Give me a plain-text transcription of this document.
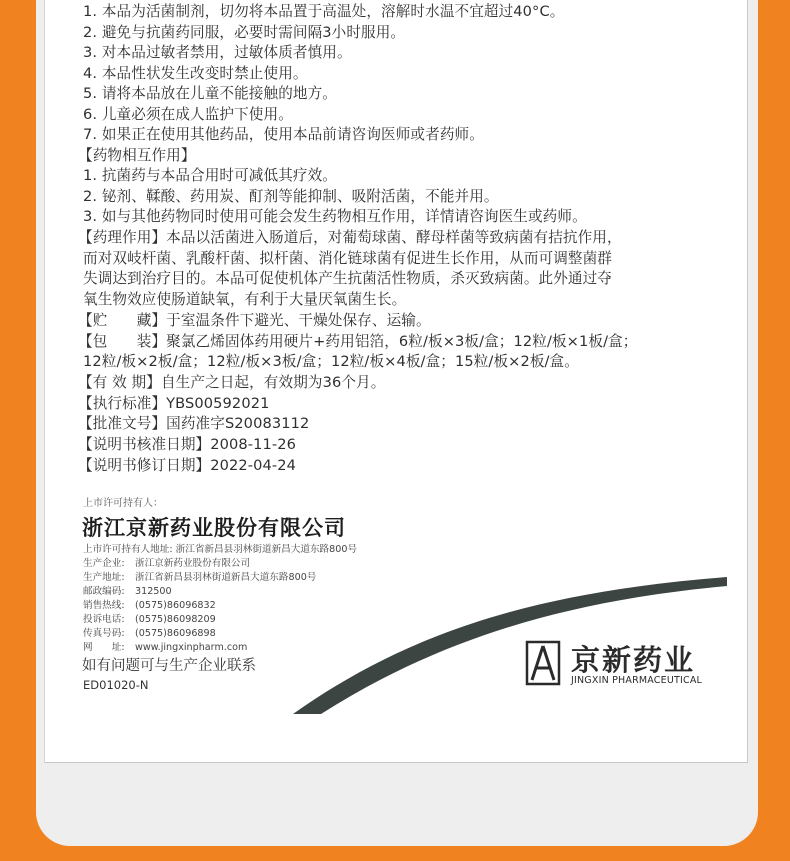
1. 本品为活菌制剂，切勿将本品置于高温处，溶解时水温不宜超过40°C。
2. 避免与抗菌药同服，必要时需间隔3小时服用。
3. 对本品过敏者禁用，过敏体质者慎用。
4. 本品性状发生改变时禁止使用。
5. 请将本品放在儿童不能接触的地方。
6. 儿童必须在成人监护下使用。
7. 如果正在使用其他药品，使用本品前请咨询医师或者药师。
【药物相互作用】
1. 抗菌药与本品合用时可减低其疗效。
2. 铋剂、鞣酸、药用炭、酊剂等能抑制、吸附活菌，不能并用。
3. 如与其他药物同时使用可能会发生药物相互作用，详情请咨询医生或药师。
【药理作用】本品以活菌进入肠道后，对葡萄球菌、酵母样菌等致病菌有拮抗作用，
而对双岐杆菌、乳酸杆菌、拟杆菌、消化链球菌有促进生长作用，从而可调整菌群
失调达到治疗目的。本品可促使机体产生抗菌活性物质，杀灭致病菌。此外通过夺
氧生物效应使肠道缺氧，有利于大量厌氧菌生长。
【贮　　藏】于室温条件下避光、干燥处保存、运输。
【包　　装】聚氯乙烯固体药用硬片+药用铝箔，6粒/板×3板/盒；12粒/板×1板/盒；
12粒/板×2板/盒；12粒/板×3板/盒；12粒/板×4板/盒；15粒/板×2板/盒。
【有 效 期】自生产之日起，有效期为36个月。
【执行标准】YBS00592021
【批准文号】国药准字S20083112
【说明书核准日期】2008-11-26
【说明书修订日期】2022-04-24
上市许可持有人：
浙江京新药业股份有限公司
上市许可持有人地址: 浙江省新昌县羽林街道新昌大道东路800号
生产企业: 浙江京新药业股份有限公司
生产地址: 浙江省新昌县羽林街道新昌大道东路800号
邮政编码: 312500
销售热线: (0575)86096832
投诉电话: (0575)86098209
传真号码: (0575)86096898
网　　址: www.jingxinpharm.com
如有问题可与生产企业联系
ED01020-N
京新药业
JINGXIN PHARMACEUTICAL
